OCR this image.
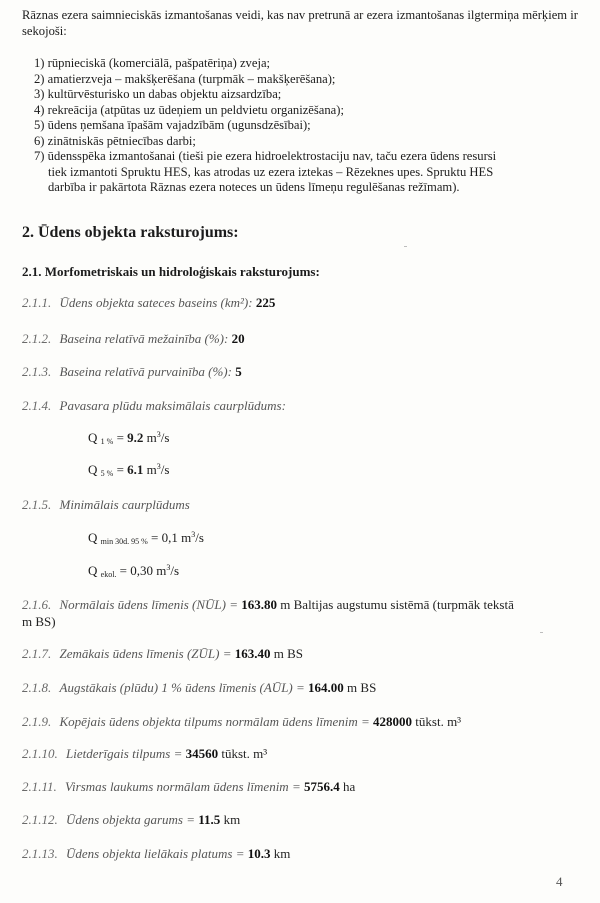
Rāznas ezera saimnieciskās izmantošanas veidi, kas nav pretrunā ar ezera izmantošanas ilgtermiņa mērķiem ir sekojoši:
1) rūpnieciskā (komerciālā, pašpatēriņa) zveja;
2) amatierzveja – makšķerēšana (turpmāk – makšķerēšana);
3) kultūrvēsturisko un dabas objektu aizsardzība;
4) rekreācija (atpūtas uz ūdeņiem un peldvietu organizēšana);
5) ūdens ņemšana īpašām vajadzībām (ugunsdzēsībai);
6) zinātniskās pētniecības darbi;
7) ūdensspēka izmantošanai (tieši pie ezera hidroelektrostaciju nav, taču ezera ūdens resursi
tiek izmantoti Spruktu HES, kas atrodas uz ezera iztekas – Rēzeknes upes. Spruktu HES
darbība ir pakārtota Rāznas ezera noteces un ūdens līmeņu regulēšanas režīmam).
2. Ūdens objekta raksturojums:
2.1. Morfometriskais un hidroloģiskais raksturojums:
2.1.1. Ūdens objekta sateces baseins (km²): 225
2.1.2. Baseina relatīvā mežainība (%): 20
2.1.3. Baseina relatīvā purvainība (%): 5
2.1.4. Pavasara plūdu maksimālais caurplūdums:
Q 1 % = 9.2 $m^3/s$
Q 5 % = 6.1 $m^3/s$
2.1.5. Minimālais caurplūdums
Q min 30d. 95 % = 0,1 $m^3/s$
Q ekol. = 0,30 $m^3/s$
2.1.6. Normālais ūdens līmenis (NŪL) = 163.80 m Baltijas augstumu sistēmā (turpmāk tekstā
m BS)
2.1.7. Zemākais ūdens līmenis (ZŪL) = 163.40 m BS
2.1.8. Augstākais (plūdu) 1 % ūdens līmenis (AŪL) = 164.00 m BS
2.1.9. Kopējais ūdens objekta tilpums normālam ūdens līmenim = 428000 tūkst. m³
2.1.10. Lietderīgais tilpums = 34560 tūkst. m³
2.1.11. Virsmas laukums normālam ūdens līmenim = 5756.4 ha
2.1.12. Ūdens objekta garums = 11.5 km
2.1.13. Ūdens objekta lielākais platums = 10.3 km
4
